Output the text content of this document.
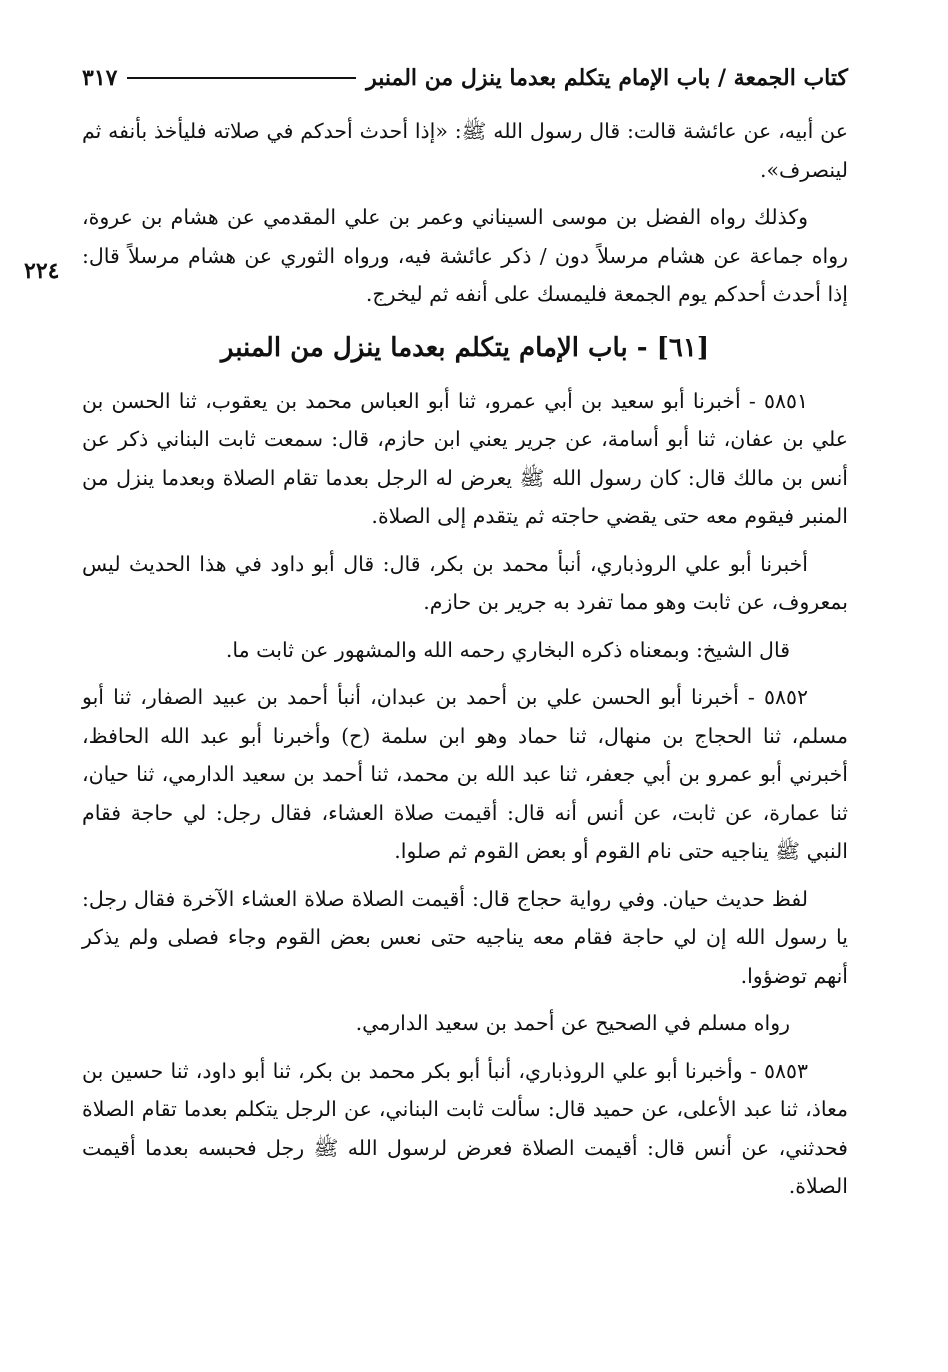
كتاب الجمعة / باب الإمام يتكلم بعدما ينزل من المنبر
٣١٧
٢٢٤

عن أبيه، عن عائشة قالت: قال رسول الله ﷺ: «إذا أحدث أحدكم في صلاته فليأخذ بأنفه ثم لينصرف».

وكذلك رواه الفضل بن موسى السيناني وعمر بن علي المقدمي عن هشام بن عروة، رواه جماعة عن هشام مرسلاً دون / ذكر عائشة فيه، ورواه الثوري عن هشام مرسلاً قال: إذا أحدث أحدكم يوم الجمعة فليمسك على أنفه ثم ليخرج.

[٦١] - باب الإمام يتكلم بعدما ينزل من المنبر

٥٨٥١ - أخبرنا أبو سعيد بن أبي عمرو، ثنا أبو العباس محمد بن يعقوب، ثنا الحسن بن علي بن عفان، ثنا أبو أسامة، عن جرير يعني ابن حازم، قال: سمعت ثابت البناني ذكر عن أنس بن مالك قال: كان رسول الله ﷺ يعرض له الرجل بعدما تقام الصلاة وبعدما ينزل من المنبر فيقوم معه حتى يقضي حاجته ثم يتقدم إلى الصلاة.

أخبرنا أبو علي الروذباري، أنبأ محمد بن بكر، قال: قال أبو داود في هذا الحديث ليس بمعروف، عن ثابت وهو مما تفرد به جرير بن حازم.

قال الشيخ: وبمعناه ذكره البخاري رحمه الله والمشهور عن ثابت ما.

٥٨٥٢ - أخبرنا أبو الحسن علي بن أحمد بن عبدان، أنبأ أحمد بن عبيد الصفار، ثنا أبو مسلم، ثنا الحجاج بن منهال، ثنا حماد وهو ابن سلمة (ح) وأخبرنا أبو عبد الله الحافظ، أخبرني أبو عمرو بن أبي جعفر، ثنا عبد الله بن محمد، ثنا أحمد بن سعيد الدارمي، ثنا حيان، ثنا عمارة، عن ثابت، عن أنس أنه قال: أقيمت صلاة العشاء، فقال رجل: لي حاجة فقام النبي ﷺ يناجيه حتى نام القوم أو بعض القوم ثم صلوا.

لفظ حديث حيان. وفي رواية حجاج قال: أقيمت الصلاة صلاة العشاء الآخرة فقال رجل: يا رسول الله إن لي حاجة فقام معه يناجيه حتى نعس بعض القوم وجاء فصلى ولم يذكر أنهم توضؤوا.

رواه مسلم في الصحيح عن أحمد بن سعيد الدارمي.

٥٨٥٣ - وأخبرنا أبو علي الروذباري، أنبأ أبو بكر محمد بن بكر، ثنا أبو داود، ثنا حسين بن معاذ، ثنا عبد الأعلى، عن حميد قال: سألت ثابت البناني، عن الرجل يتكلم بعدما تقام الصلاة فحدثني، عن أنس قال: أقيمت الصلاة فعرض لرسول الله ﷺ رجل فحبسه بعدما أقيمت الصلاة.
